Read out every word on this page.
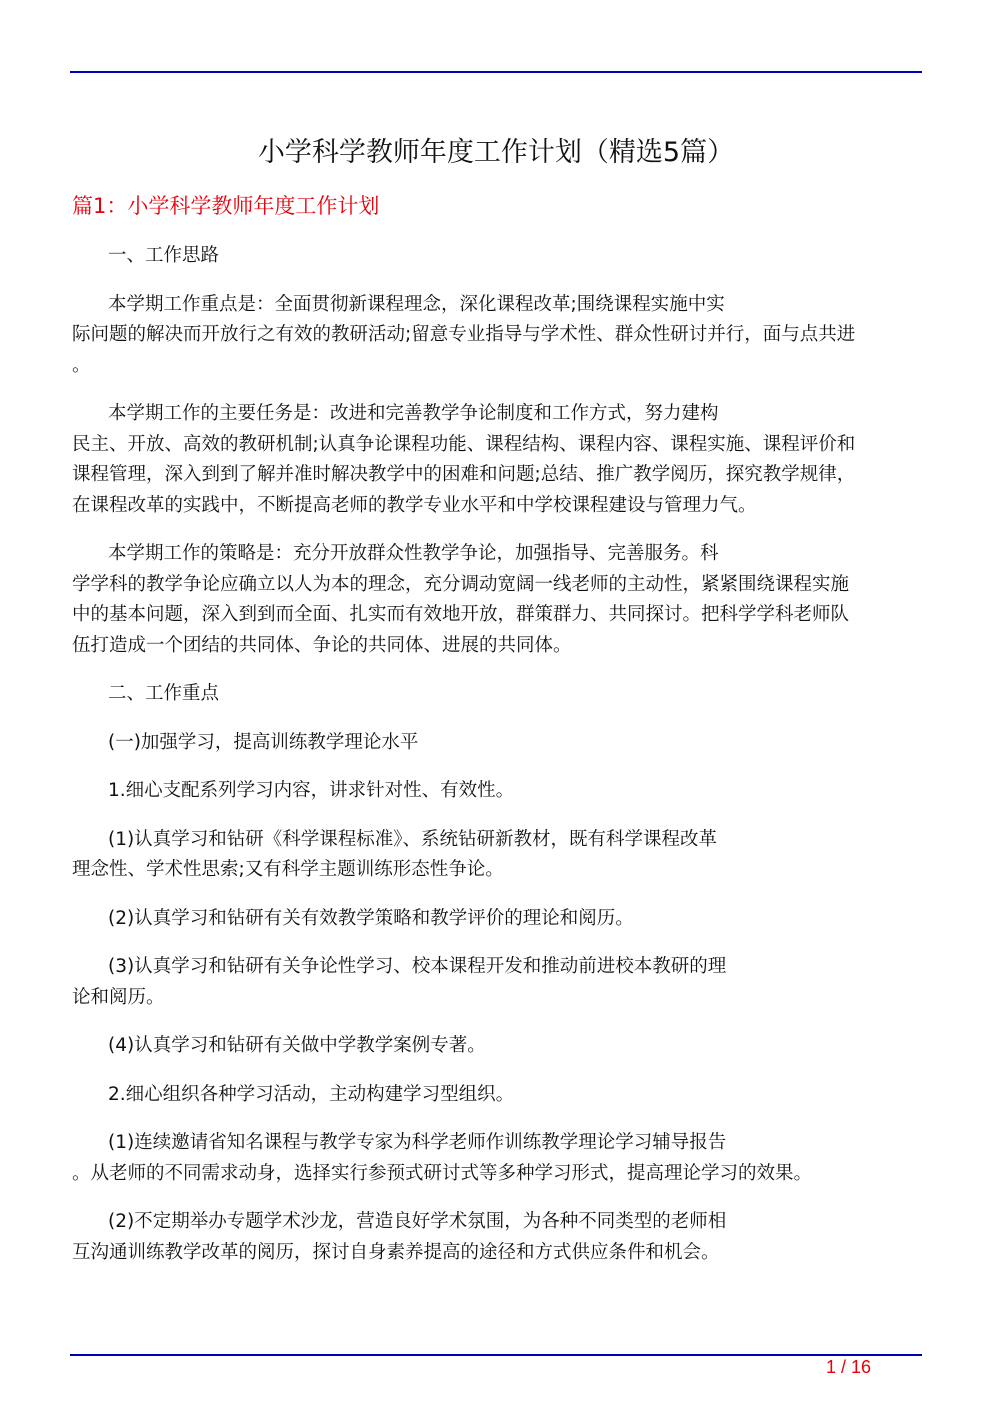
小学科学教师年度工作计划（精选5篇）
篇1：小学科学教师年度工作计划
一、工作思路
本学期工作重点是：全面贯彻新课程理念，深化课程改革;围绕课程实施中实
际问题的解决而开放行之有效的教研活动;留意专业指导与学术性、群众性研讨并行，面与点共进
。
本学期工作的主要任务是：改进和完善教学争论制度和工作方式，努力建构
民主、开放、高效的教研机制;认真争论课程功能、课程结构、课程内容、课程实施、课程评价和
课程管理，深入到到了解并准时解决教学中的困难和问题;总结、推广教学阅历，探究教学规律，
在课程改革的实践中，不断提高老师的教学专业水平和中学校课程建设与管理力气。
本学期工作的策略是：充分开放群众性教学争论，加强指导、完善服务。科
学学科的教学争论应确立以人为本的理念，充分调动宽阔一线老师的主动性，紧紧围绕课程实施
中的基本问题，深入到到而全面、扎实而有效地开放，群策群力、共同探讨。把科学学科老师队
伍打造成一个团结的共同体、争论的共同体、进展的共同体。
二、工作重点
(一)加强学习，提高训练教学理论水平
1.细心支配系列学习内容，讲求针对性、有效性。
(1)认真学习和钻研《科学课程标准》、系统钻研新教材，既有科学课程改革
理念性、学术性思索;又有科学主题训练形态性争论。
(2)认真学习和钻研有关有效教学策略和教学评价的理论和阅历。
(3)认真学习和钻研有关争论性学习、校本课程开发和推动前进校本教研的理
论和阅历。
(4)认真学习和钻研有关做中学教学案例专著。
2.细心组织各种学习活动，主动构建学习型组织。
(1)连续邀请省知名课程与教学专家为科学老师作训练教学理论学习辅导报告
。从老师的不同需求动身，选择实行参预式研讨式等多种学习形式，提高理论学习的效果。
(2)不定期举办专题学术沙龙，营造良好学术氛围，为各种不同类型的老师相
互沟通训练教学改革的阅历，探讨自身素养提高的途径和方式供应条件和机会。
1 / 16
